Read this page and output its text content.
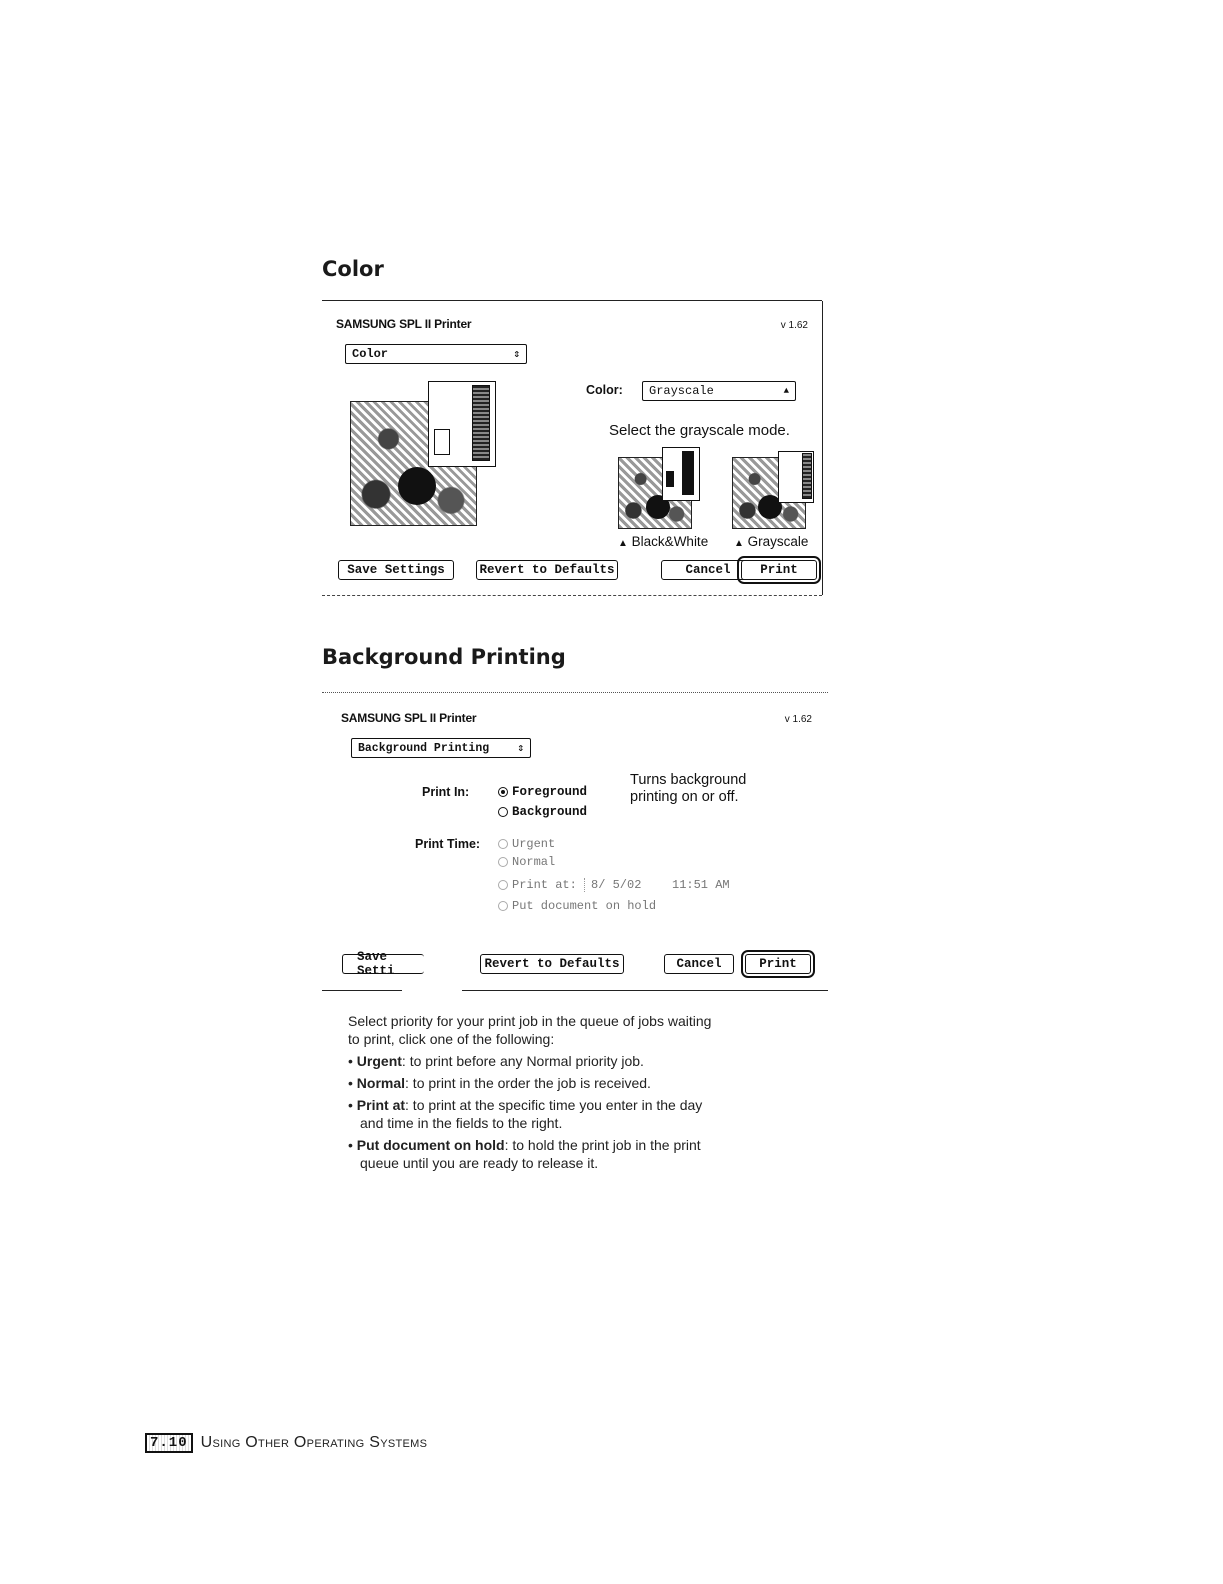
Color
SAMSUNG SPL II Printer	v 1.62
Color	⇕
Color: Grayscale	▲
Select the grayscale mode.
▲ Black&White	▲ Grayscale
Save Settings	Revert to Defaults	Cancel	Print
Background Printing
SAMSUNG SPL II Printer	v 1.62
Background Printing	⇕
Print In:	Foreground
Background
Turns background
printing on or off.
Print Time:	Urgent
Normal
Print at:	8/ 5/02	11:51 AM
Put document on hold
Save Setti	Revert to Defaults	Cancel	Print
Select priority for your print job in the queue of jobs waiting
to print, click one of the following:
• Urgent: to print before any Normal priority job.
• Normal: to print in the order the job is received.
• Print at: to print at the specific time you enter in the day
and time in the fields to the right.
• Put document on hold: to hold the print job in the print
queue until you are ready to release it.
7.10 Using Other Operating Systems
